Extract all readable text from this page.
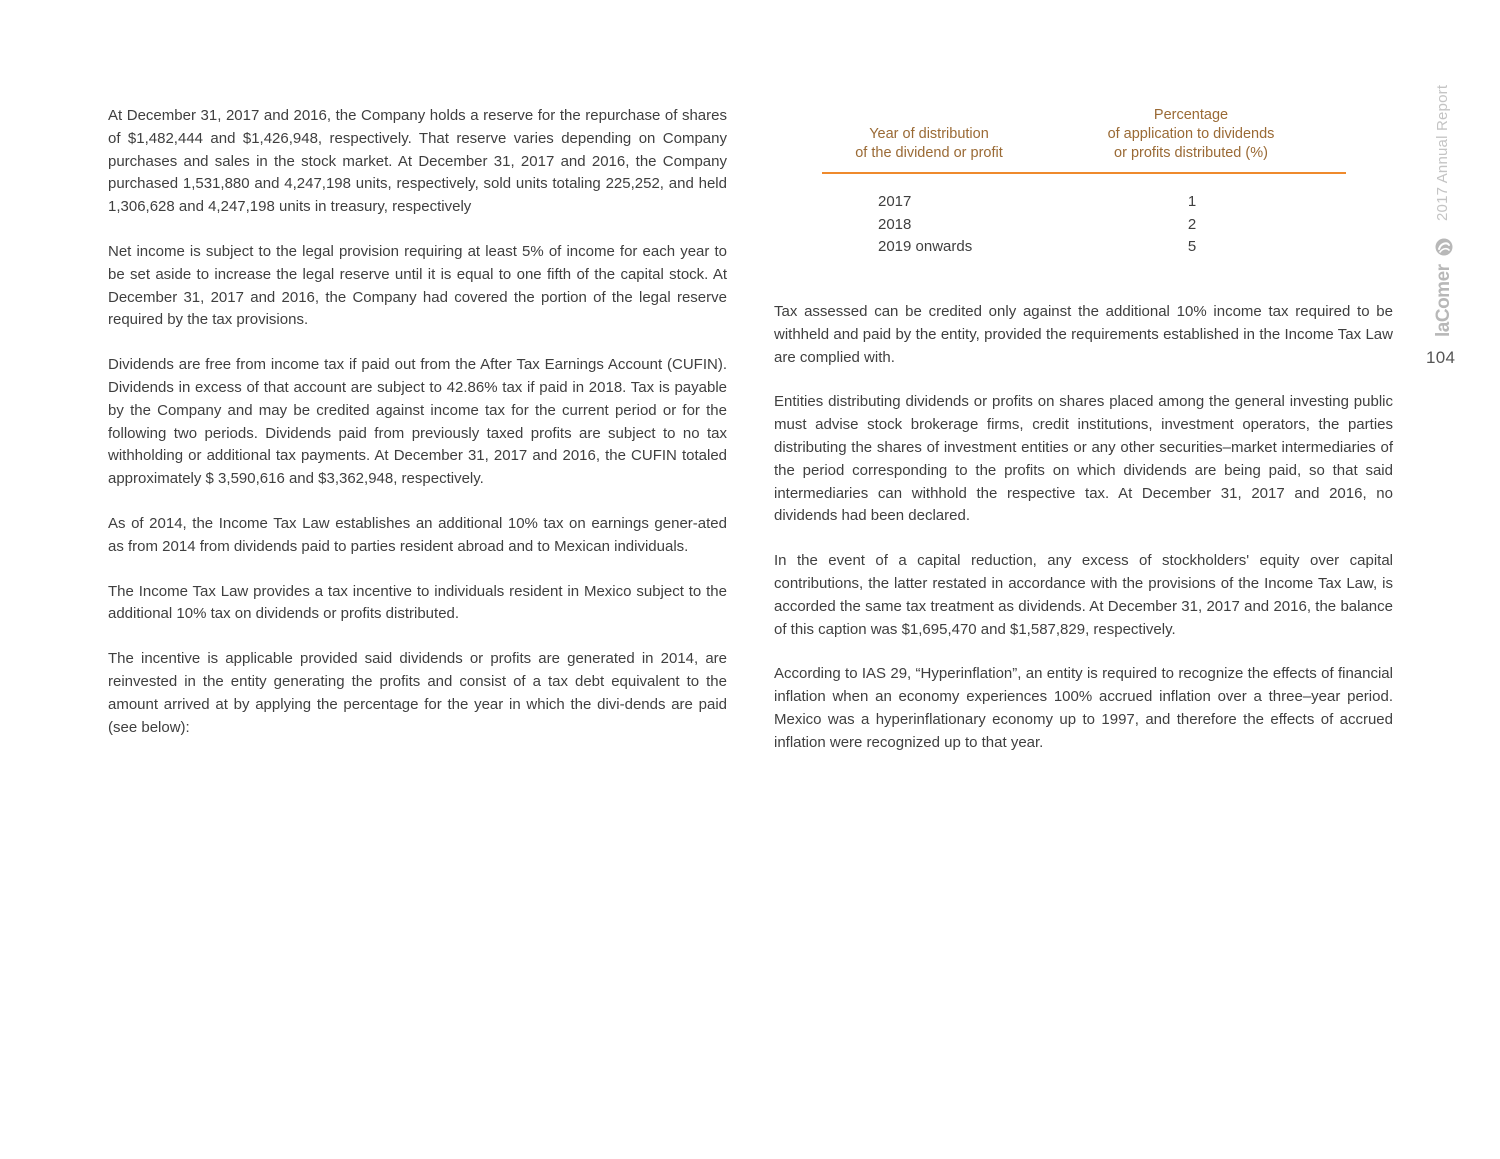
At December 31, 2017 and 2016, the Company holds a reserve for the repurchase of shares of $1,482,444 and $1,426,948, respectively. That reserve varies depending on Company purchases and sales in the stock market. At December 31, 2017 and 2016, the Company purchased 1,531,880 and 4,247,198 units, respectively, sold units totaling 225,252, and held 1,306,628 and 4,247,198 units in treasury, respectively

Net income is subject to the legal provision requiring at least 5% of income for each year to be set aside to increase the legal reserve until it is equal to one fifth of the capital stock. At December 31, 2017 and 2016, the Company had covered the portion of the legal reserve required by the tax provisions.

Dividends are free from income tax if paid out from the After Tax Earnings Account (CUFIN). Dividends in excess of that account are subject to 42.86% tax if paid in 2018. Tax is payable by the Company and may be credited against income tax for the current period or for the following two periods. Dividends paid from previously taxed profits are subject to no tax withholding or additional tax payments. At December 31, 2017 and 2016, the CUFIN totaled approximately $ 3,590,616 and $3,362,948, respectively.

As of 2014, the Income Tax Law establishes an additional 10% tax on earnings gener-ated as from 2014 from dividends paid to parties resident abroad and to Mexican individuals.

The Income Tax Law provides a tax incentive to individuals resident in Mexico subject to the additional 10% tax on dividends or profits distributed.

The incentive is applicable provided said dividends or profits are generated in 2014, are reinvested in the entity generating the profits and consist of a tax debt equivalent to the amount arrived at by applying the percentage for the year in which the divi-dends are paid (see below):

Year of distribution
of the dividend or profit
Percentage
of application to dividends
or profits distributed (%)
2017	1
2018	2
2019 onwards	5

Tax assessed can be credited only against the additional 10% income tax required to be withheld and paid by the entity, provided the requirements established in the Income Tax Law are complied with.

Entities distributing dividends or profits on shares placed among the general investing public must advise stock brokerage firms, credit institutions, investment operators, the parties distributing the shares of investment entities or any other securities–market intermediaries of the period corresponding to the profits on which dividends are being paid, so that said intermediaries can withhold the respective tax. At December 31, 2017 and 2016, no dividends had been declared.

In the event of a capital reduction, any excess of stockholders' equity over capital contributions, the latter restated in accordance with the provisions of the Income Tax Law, is accorded the same tax treatment as dividends. At December 31, 2017 and 2016, the balance of this caption was $1,695,470 and $1,587,829, respectively.

According to IAS 29, “Hyperinflation”, an entity is required to recognize the effects of financial inflation when an economy experiences 100% accrued inflation over a three–year period. Mexico was a hyperinflationary economy up to 1997, and therefore the effects of accrued inflation were recognized up to that year.

2017 Annual Report
laComer
104
